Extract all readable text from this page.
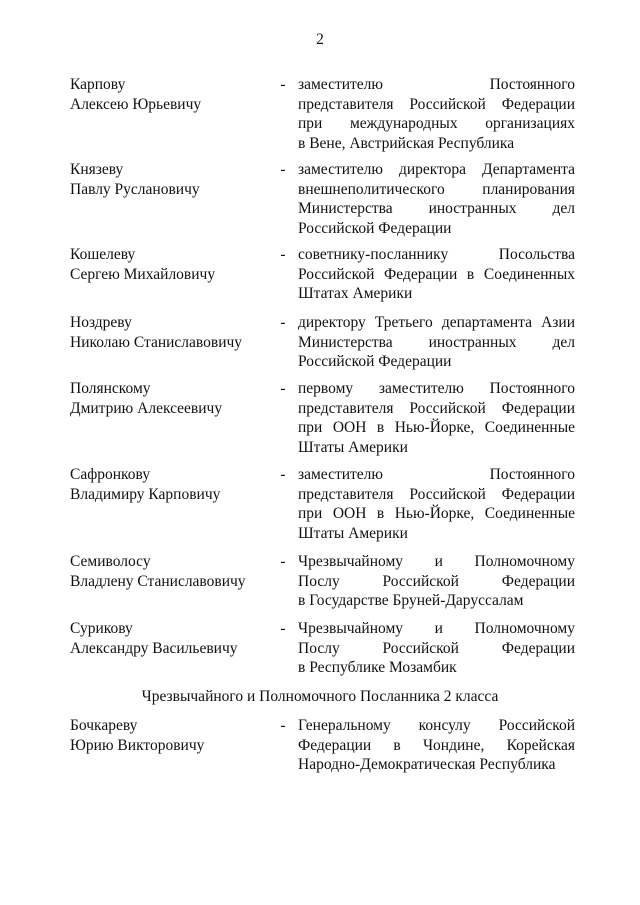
2
Карпову
Алексею Юрьевичу
- заместителю Постоянного
представителя Российской Федерации
при международных организациях
в Вене, Австрийская Республика
Князеву
Павлу Руслановичу
- заместителю директора Департамента
внешнеполитического планирования
Министерства иностранных дел
Российской Федерации
Кошелеву
Сергею Михайловичу
- советнику-посланнику Посольства
Российской Федерации в Соединенных
Штатах Америки
Ноздреву
Николаю Станиславовичу
- директору Третьего департамента Азии
Министерства иностранных дел
Российской Федерации
Полянскому
Дмитрию Алексеевичу
- первому заместителю Постоянного
представителя Российской Федерации
при ООН в Нью-Йорке, Соединенные
Штаты Америки
Сафронкову
Владимиру Карповичу
- заместителю Постоянного
представителя Российской Федерации
при ООН в Нью-Йорке, Соединенные
Штаты Америки
Семиволосу
Владлену Станиславовичу
- Чрезвычайному и Полномочному
Послу Российской Федерации
в Государстве Бруней-Даруссалам
Сурикову
Александру Васильевичу
- Чрезвычайному и Полномочному
Послу Российской Федерации
в Республике Мозамбик
Чрезвычайного и Полномочного Посланника 2 класса
Бочкареву
Юрию Викторовичу
- Генеральному консулу Российской
Федерации в Чондине, Корейская
Народно-Демократическая Республика
